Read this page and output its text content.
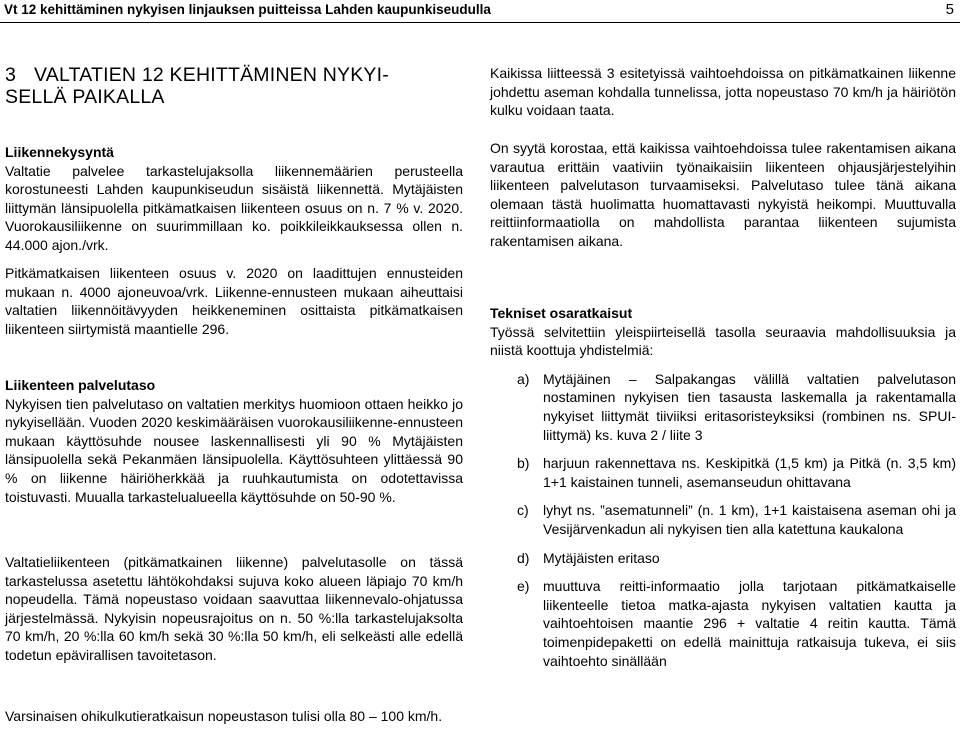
Vt 12 kehittäminen nykyisen linjauksen puitteissa Lahden kaupunkiseudulla	5
3 VALTATIEN 12 KEHITTÄMINEN NYKYI-
SELLÄ PAIKALLA

Liikennekysyntä

Valtatie palvelee tarkastelujaksolla liikennemäärien perusteella korostuneesti Lahden kaupunkiseudun sisäistä liikennettä. Mytäjäisten liittymän länsipuolella pitkämatkaisen liikenteen osuus on n. 7 % v. 2020. Vuorokausiliikenne on suurimmillaan ko. poikkileikkauksessa ollen n. 44.000 ajon./vrk.

Pitkämatkaisen liikenteen osuus v. 2020 on laadittujen ennusteiden mukaan n. 4000 ajoneuvoa/vrk. Liikenne-ennusteen mukaan aiheuttaisi valtatien liikennöitävyyden heikkeneminen osittaista pitkämatkaisen liikenteen siirtymistä maantielle 296.

Liikenteen palvelutaso

Nykyisen tien palvelutaso on valtatien merkitys huomioon ottaen heikko jo nykyisellään. Vuoden 2020 keskimääräisen vuorokausiliikenne-ennusteen mukaan käyttösuhde nousee laskennallisesti yli 90 % Mytäjäisten länsipuolella sekä Pekanmäen länsipuolella. Käyttösuhteen ylittäessä 90 % on liikenne häiriöherkkää ja ruuhkautumista on odotettavissa toistuvasti. Muualla tarkastelualueella käyttösuhde on 50-90 %.

Valtatieliikenteen (pitkämatkainen liikenne) palvelutasolle on tässä tarkastelussa asetettu lähtökohdaksi sujuva koko alueen läpiajo 70 km/h nopeudella. Tämä nopeustaso voidaan saavuttaa liikennevalo-ohjatussa järjestelmässä. Nykyisin nopeusrajoitus on n. 50 %:lla tarkastelujaksolta 70 km/h, 20 %:lla 60 km/h sekä 30 %:lla 50 km/h, eli selkeästi alle edellä todetun epävirallisen tavoitetason.

Varsinaisen ohikulkutieratkaisun nopeustason tulisi olla 80 – 100 km/h.

Kaikissa liitteessä 3 esitetyissä vaihtoehdoissa on pitkämatkainen liikenne johdettu aseman kohdalla tunnelissa, jotta nopeustaso 70 km/h ja häiriötön kulku voidaan taata.

On syytä korostaa, että kaikissa vaihtoehdoissa tulee rakentamisen aikana varautua erittäin vaativiin työnaikaisiin liikenteen ohjausjärjestelyihin liikenteen palvelutason turvaamiseksi. Palvelutaso tulee tänä aikana olemaan tästä huolimatta huomattavasti nykyistä heikompi. Muuttuvalla reittiinformaatiolla on mahdollista parantaa liikenteen sujumista rakentamisen aikana.

Tekniset osaratkaisut

Työssä selvitettiin yleispiirteisellä tasolla seuraavia mahdollisuuksia ja niistä koottuja yhdistelmiä:

a) Mytäjäinen – Salpakangas välillä valtatien palvelutason nostaminen nykyisen tien tasausta laskemalla ja rakentamalla nykyiset liittymät tiiviiksi eritasoristeyksiksi (rombinen ns. SPUI-liittymä) ks. kuva 2 / liite 3
b) harjuun rakennettava ns. Keskipitkä (1,5 km) ja Pitkä (n. 3,5 km) 1+1 kaistainen tunneli, asemanseudun ohittavana
c) lyhyt ns. ”asematunneli” (n. 1 km), 1+1 kaistaisena aseman ohi ja Vesijärvenkadun ali nykyisen tien alla katettuna kaukalona
d) Mytäjäisten eritaso
e) muuttuva reitti-informaatio jolla tarjotaan pitkämatkaiselle liikenteelle tietoa matka-ajasta nykyisen valtatien kautta ja vaihtoehtoisen maantie 296 + valtatie 4 reitin kautta. Tämä toimenpidepaketti on edellä mainittuja ratkaisuja tukeva, ei siis vaihtoehto sinällään
